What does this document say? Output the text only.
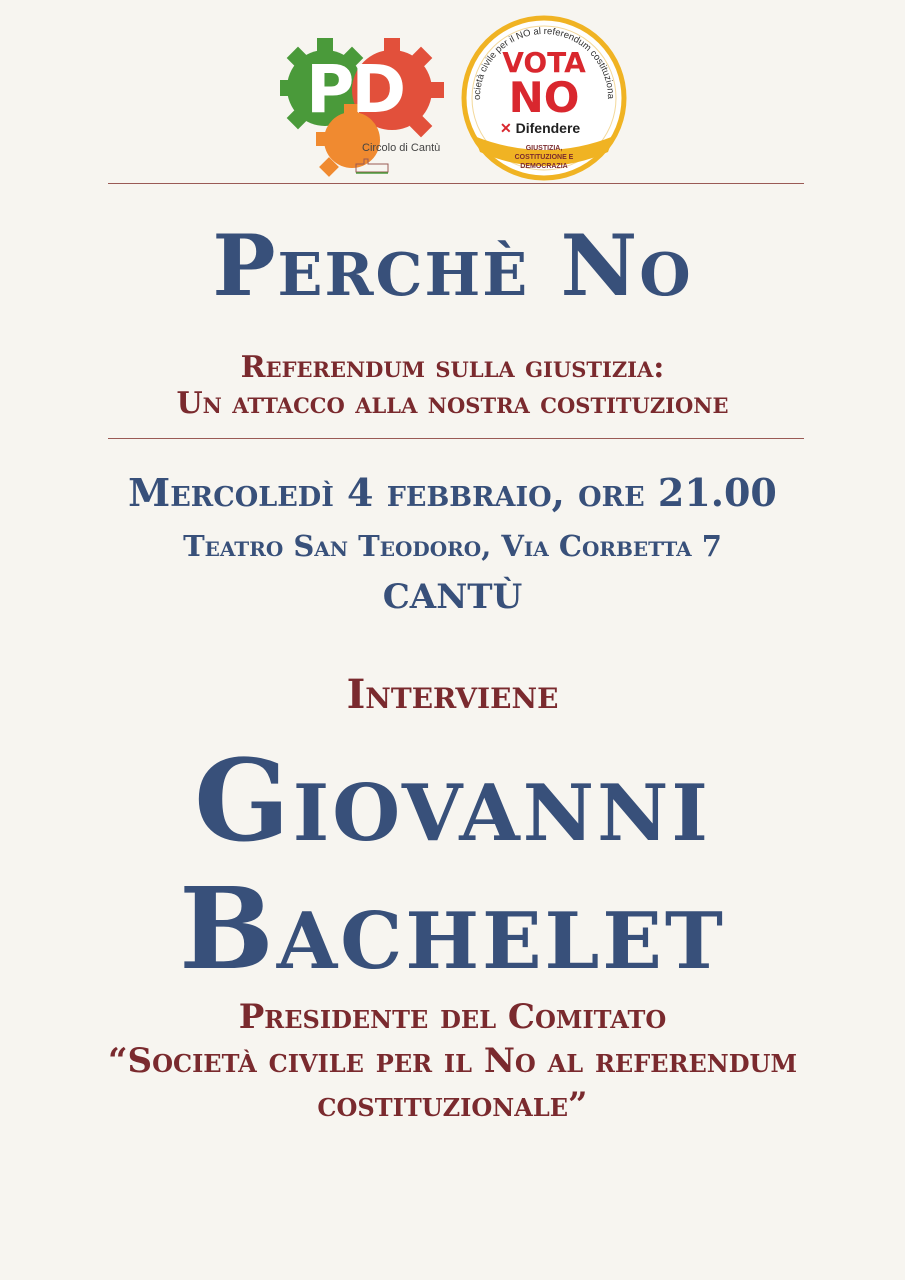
PD
Circolo di Cantù
ocietà civile per il NO al referendum costituziona
VOTA
NO
✕ Difendere
GIUSTIZIA, COSTITUZIONE E DEMOCRAZIA
Perchè No
Referendum sulla giustizia:
Un attacco alla nostra costituzione
Mercoledì 4 febbraio, ore 21.00
Teatro San Teodoro, Via Corbetta 7
CANTÙ
Interviene
Giovanni
Bachelet
Presidente del Comitato
“Società civile per il No al referendum
costituzionale”
